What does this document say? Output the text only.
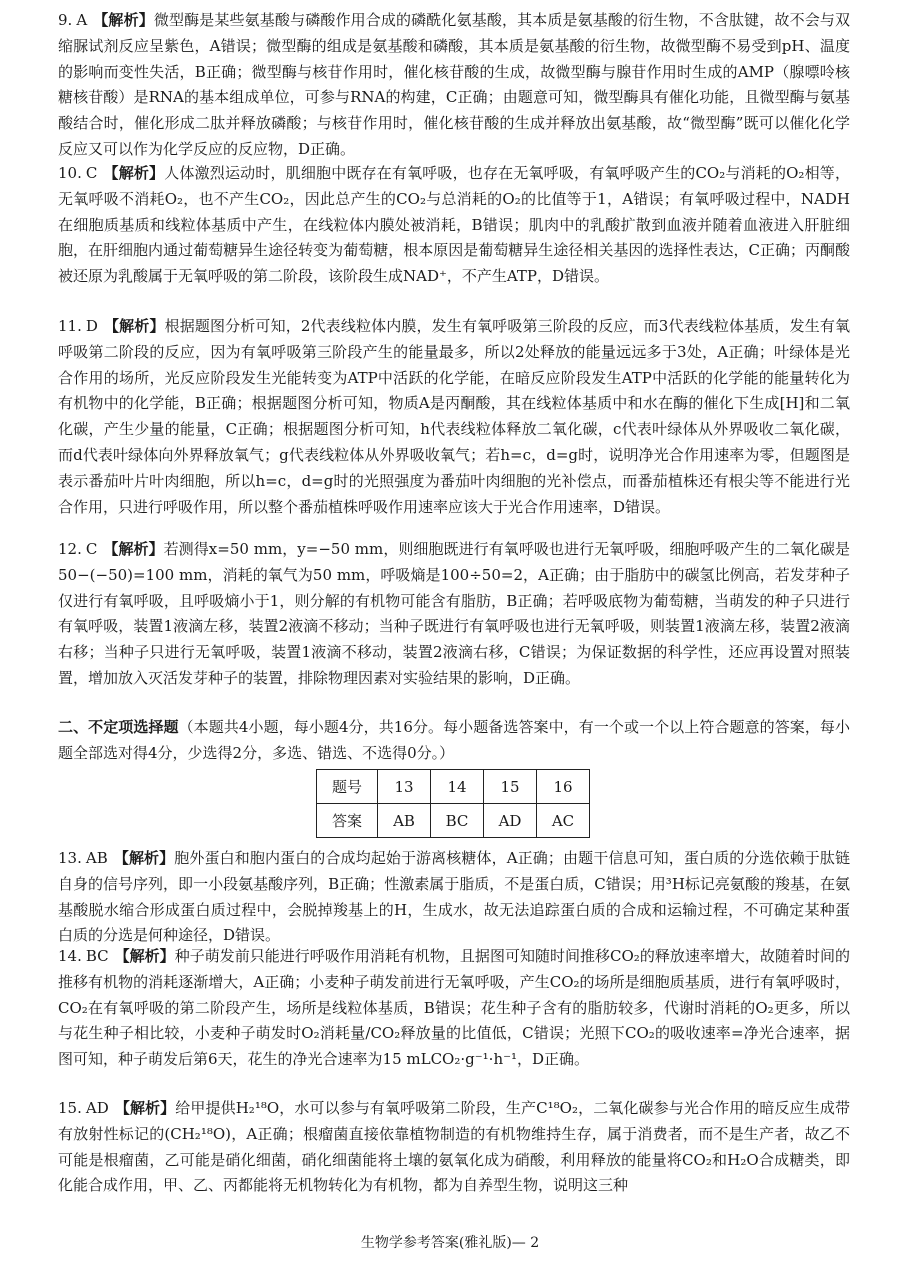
9. A 【解析】微型酶是某些氨基酸与磷酸作用合成的磷酰化氨基酸，其本质是氨基酸的衍生物，不含肽键，故不会与双缩脲试剂反应呈紫色，A错误；微型酶的组成是氨基酸和磷酸，其本质是氨基酸的衍生物，故微型酶不易受到pH、温度的影响而变性失活，B正确；微型酶与核苷作用时，催化核苷酸的生成，故微型酶与腺苷作用时生成的AMP（腺嘌呤核糖核苷酸）是RNA的基本组成单位，可参与RNA的构建，C正确；由题意可知，微型酶具有催化功能，且微型酶与氨基酸结合时，催化形成二肽并释放磷酸；与核苷作用时，催化核苷酸的生成并释放出氨基酸，故“微型酶”既可以催化化学反应又可以作为化学反应的反应物，D正确。
10. C 【解析】人体激烈运动时，肌细胞中既存在有氧呼吸，也存在无氧呼吸，有氧呼吸产生的CO₂与消耗的O₂相等，无氧呼吸不消耗O₂，也不产生CO₂，因此总产生的CO₂与总消耗的O₂的比值等于1，A错误；有氧呼吸过程中，NADH在细胞质基质和线粒体基质中产生，在线粒体内膜处被消耗，B错误；肌肉中的乳酸扩散到血液并随着血液进入肝脏细胞，在肝细胞内通过葡萄糖异生途径转变为葡萄糖，根本原因是葡萄糖异生途径相关基因的选择性表达，C正确；丙酮酸被还原为乳酸属于无氧呼吸的第二阶段，该阶段生成NAD⁺，不产生ATP，D错误。
11. D 【解析】根据题图分析可知，2代表线粒体内膜，发生有氧呼吸第三阶段的反应，而3代表线粒体基质，发生有氧呼吸第二阶段的反应，因为有氧呼吸第三阶段产生的能量最多，所以2处释放的能量远远多于3处，A正确；叶绿体是光合作用的场所，光反应阶段发生光能转变为ATP中活跃的化学能，在暗反应阶段发生ATP中活跃的化学能的能量转化为有机物中的化学能，B正确；根据题图分析可知，物质A是丙酮酸，其在线粒体基质中和水在酶的催化下生成[H]和二氧化碳，产生少量的能量，C正确；根据题图分析可知，h代表线粒体释放二氧化碳，c代表叶绿体从外界吸收二氧化碳，而d代表叶绿体向外界释放氧气；g代表线粒体从外界吸收氧气；若h=c，d=g时，说明净光合作用速率为零，但题图是表示番茄叶片叶肉细胞，所以h=c，d=g时的光照强度为番茄叶肉细胞的光补偿点，而番茄植株还有根尖等不能进行光合作用，只进行呼吸作用，所以整个番茄植株呼吸作用速率应该大于光合作用速率，D错误。
12. C 【解析】若测得x=50 mm，y=−50 mm，则细胞既进行有氧呼吸也进行无氧呼吸，细胞呼吸产生的二氧化碳是50−(−50)=100 mm，消耗的氧气为50 mm，呼吸熵是100÷50=2，A正确；由于脂肪中的碳氢比例高，若发芽种子仅进行有氧呼吸，且呼吸熵小于1，则分解的有机物可能含有脂肪，B正确；若呼吸底物为葡萄糖，当萌发的种子只进行有氧呼吸，装置1液滴左移，装置2液滴不移动；当种子既进行有氧呼吸也进行无氧呼吸，则装置1液滴左移，装置2液滴右移；当种子只进行无氧呼吸，装置1液滴不移动，装置2液滴右移，C错误；为保证数据的科学性，还应再设置对照装置，增加放入灭活发芽种子的装置，排除物理因素对实验结果的影响，D正确。
二、不定项选择题（本题共4小题，每小题4分，共16分。每小题备选答案中，有一个或一个以上符合题意的答案，每小题全部选对得4分，少选得2分，多选、错选、不选得0分。）
题号	13	14	15	16
答案	AB	BC	AD	AC
13. AB 【解析】胞外蛋白和胞内蛋白的合成均起始于游离核糖体，A正确；由题干信息可知，蛋白质的分选依赖于肽链自身的信号序列，即一小段氨基酸序列，B正确；性激素属于脂质，不是蛋白质，C错误；用³H标记亮氨酸的羧基，在氨基酸脱水缩合形成蛋白质过程中，会脱掉羧基上的H，生成水，故无法追踪蛋白质的合成和运输过程，不可确定某种蛋白质的分选是何种途径，D错误。
14. BC 【解析】种子萌发前只能进行呼吸作用消耗有机物，且据图可知随时间推移CO₂的释放速率增大，故随着时间的推移有机物的消耗逐渐增大，A正确；小麦种子萌发前进行无氧呼吸，产生CO₂的场所是细胞质基质，进行有氧呼吸时，CO₂在有氧呼吸的第二阶段产生，场所是线粒体基质，B错误；花生种子含有的脂肪较多，代谢时消耗的O₂更多，所以与花生种子相比较，小麦种子萌发时O₂消耗量/CO₂释放量的比值低，C错误；光照下CO₂的吸收速率=净光合速率，据图可知，种子萌发后第6天，花生的净光合速率为15 mLCO₂·g⁻¹·h⁻¹，D正确。
15. AD 【解析】给甲提供H₂¹⁸O，水可以参与有氧呼吸第二阶段，生产C¹⁸O₂，二氧化碳参与光合作用的暗反应生成带有放射性标记的(CH₂¹⁸O)，A正确；根瘤菌直接依靠植物制造的有机物维持生存，属于消费者，而不是生产者，故乙不可能是根瘤菌，乙可能是硝化细菌，硝化细菌能将土壤的氨氧化成为硝酸，利用释放的能量将CO₂和H₂O合成糖类，即化能合成作用，甲、乙、丙都能将无机物转化为有机物，都为自养型生物，说明这三种
生物学参考答案(雅礼版)— 2
